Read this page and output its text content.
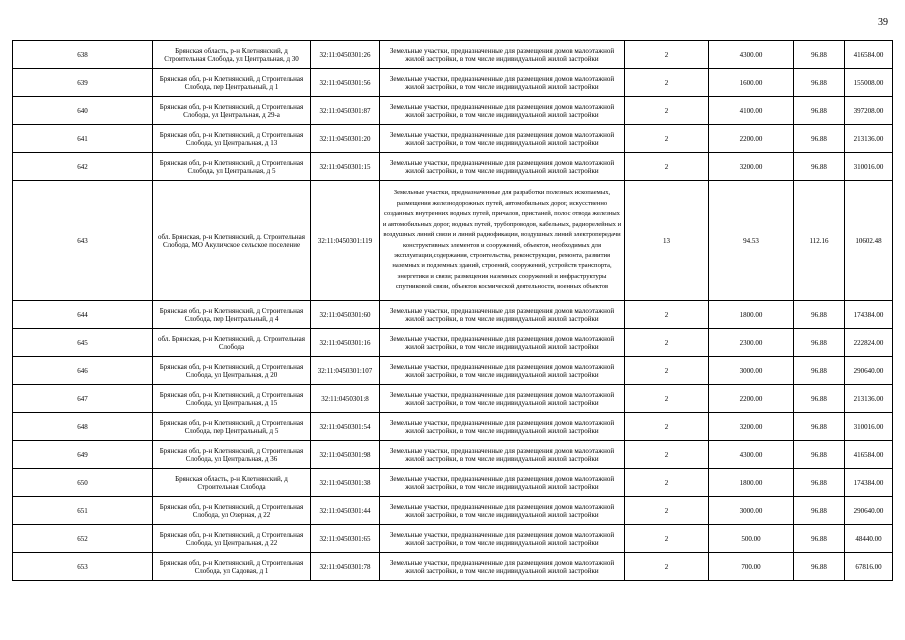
39
638	Брянская область, р-н Клетнянский, д Строительная Слобода, ул Центральная, д 30	32:11:0450301:26	Земельные участки, предназначенные для размещения домов малоэтажной жилой застройки, в том числе индивидуальной жилой застройки	2	4300.00	96.88	416584.00
639	Брянская обл, р-н Клетнянский, д Строительная Слобода, пер Центральный, д 1	32:11:0450301:56	Земельные участки, предназначенные для размещения домов малоэтажной жилой застройки, в том числе индивидуальной жилой застройки	2	1600.00	96.88	155008.00
640	Брянская обл, р-н Клетнянский, д Строительная Слобода, ул Центральная, д 29-а	32:11:0450301:87	Земельные участки, предназначенные для размещения домов малоэтажной жилой застройки, в том числе индивидуальной жилой застройки	2	4100.00	96.88	397208.00
641	Брянская обл, р-н Клетнянский, д Строительная Слобода, ул Центральная, д 13	32:11:0450301:20	Земельные участки, предназначенные для размещения домов малоэтажной жилой застройки, в том числе индивидуальной жилой застройки	2	2200.00	96.88	213136.00
642	Брянская обл, р-н Клетнянский, д Строительная Слобода, ул Центральная, д 5	32:11:0450301:15	Земельные участки, предназначенные для размещения домов малоэтажной жилой застройки, в том числе индивидуальной жилой застройки	2	3200.00	96.88	310016.00
643	обл. Брянская, р-н Клетнянский, д. Строительная Слобода, МО Акуличское сельское поселение	32:11:0450301:119	Земельные участки, предназначенные для разработки полезных ископаемых, размещения железнодорожных путей, автомобильных дорог, искусственно созданных внутренних водных путей, причалов, пристаней, полос отвода железных и автомобильных дорог, водных путей, трубопроводов, кабельных, радиорелейных и воздушных линий связи и линий радиофикации, воздушных линий электропередачи конструктивных элементов и сооружений, объектов, необходимых для эксплуатации,содержания, строительства, реконструкции, ремонта, развития наземных и подземных зданий, строений, сооружений, устройств транспорта, энергетики и связи; размещения наземных сооружений и инфраструктуры спутниковой связи, объектов космической деятельности, военных объектов	13	94.53	112.16	10602.48
644	Брянская обл, р-н Клетнянский, д Строительная Слобода, пер Центральный, д 4	32:11:0450301:60	Земельные участки, предназначенные для размещения домов малоэтажной жилой застройки, в том числе индивидуальной жилой застройки	2	1800.00	96.88	174384.00
645	обл. Брянская, р-н Клетнянский, д. Строительная Слобода	32:11:0450301:16	Земельные участки, предназначенные для размещения домов малоэтажной жилой застройки, в том числе индивидуальной жилой застройки	2	2300.00	96.88	222824.00
646	Брянская обл, р-н Клетнянский, д Строительная Слобода, ул Центральная, д 20	32:11:0450301:107	Земельные участки, предназначенные для размещения домов малоэтажной жилой застройки, в том числе индивидуальной жилой застройки	2	3000.00	96.88	290640.00
647	Брянская обл, р-н Клетнянский, д Строительная Слобода, ул Центральная, д 15	32:11:0450301:8	Земельные участки, предназначенные для размещения домов малоэтажной жилой застройки, в том числе индивидуальной жилой застройки	2	2200.00	96.88	213136.00
648	Брянская обл, р-н Клетнянский, д Строительная Слобода, пер Центральный, д 5	32:11:0450301:54	Земельные участки, предназначенные для размещения домов малоэтажной жилой застройки, в том числе индивидуальной жилой застройки	2	3200.00	96.88	310016.00
649	Брянская обл, р-н Клетнянский, д Строительная Слобода, ул Центральная, д 36	32:11:0450301:98	Земельные участки, предназначенные для размещения домов малоэтажной жилой застройки, в том числе индивидуальной жилой застройки	2	4300.00	96.88	416584.00
650	Брянская область, р-н Клетнянский, д Строительная Слобода	32:11:0450301:38	Земельные участки, предназначенные для размещения домов малоэтажной жилой застройки, в том числе индивидуальной жилой застройки	2	1800.00	96.88	174384.00
651	Брянская обл, р-н Клетнянский, д Строительная Слобода, ул Озерная, д 22	32:11:0450301:44	Земельные участки, предназначенные для размещения домов малоэтажной жилой застройки, в том числе индивидуальной жилой застройки	2	3000.00	96.88	290640.00
652	Брянская обл, р-н Клетнянский, д Строительная Слобода, ул Центральная, д 22	32:11:0450301:65	Земельные участки, предназначенные для размещения домов малоэтажной жилой застройки, в том числе индивидуальной жилой застройки	2	500.00	96.88	48440.00
653	Брянская обл, р-н Клетнянский, д Строительная Слобода, ул Садовая, д 1	32:11:0450301:78	Земельные участки, предназначенные для размещения домов малоэтажной жилой застройки, в том числе индивидуальной жилой застройки	2	700.00	96.88	67816.00
